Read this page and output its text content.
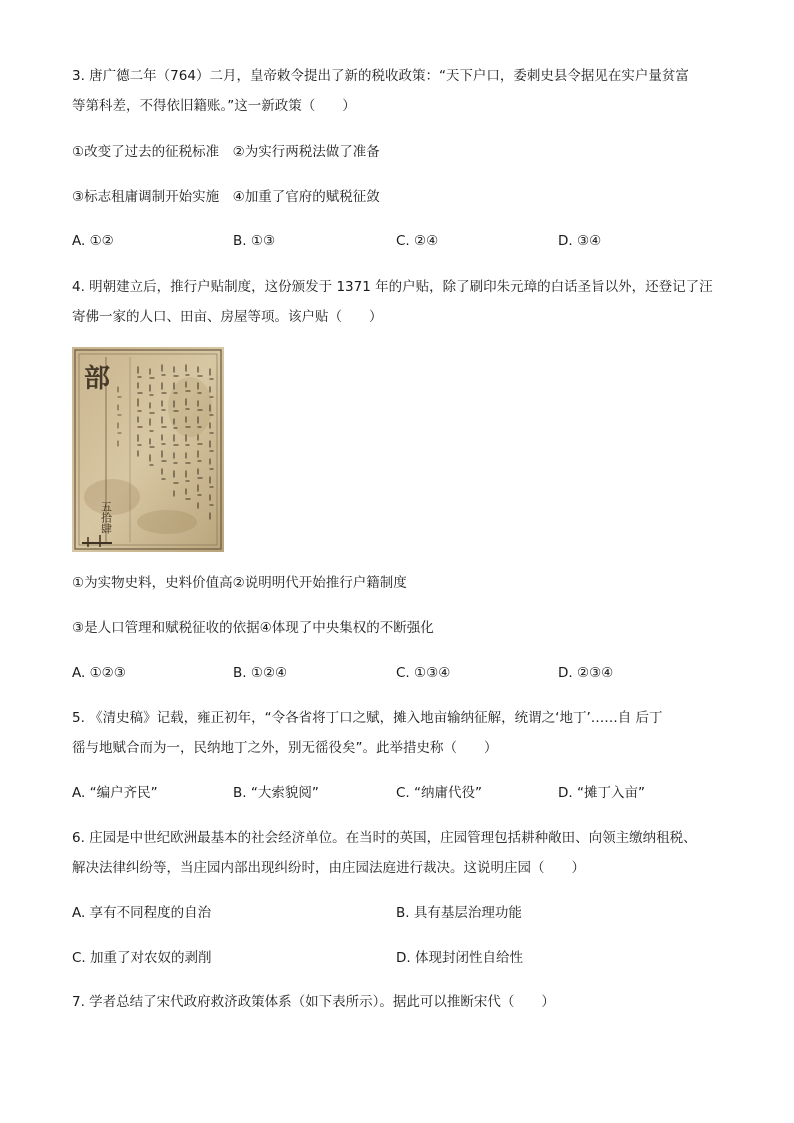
3. 唐广德二年（764）二月，皇帝敕令提出了新的税收政策：“天下户口，委刺史县令据见在实户量贫富
等第科差，不得依旧籍账。”这一新政策（　　）
①改变了过去的征税标准　②为实行两税法做了准备
③标志租庸调制开始实施　④加重了官府的赋税征敛
A. ①②	B. ①③	C. ②④	D. ③④
4. 明朝建立后，推行户贴制度，这份颁发于 1371 年的户贴，除了刷印朱元璋的白话圣旨以外，还登记了汪
寄佛一家的人口、田亩、房屋等项。该户贴（　　）
部
五拾肆
①为实物史料，史料价值高②说明明代开始推行户籍制度
③是人口管理和赋税征收的依据④体现了中央集权的不断强化
A. ①②③	B. ①②④	C. ①③④	D. ②③④
5. 《清史稿》记载，雍正初年，“令各省将丁口之赋，摊入地亩输纳征解，统谓之‘地丁’……自 后丁
徭与地赋合而为一，民纳地丁之外，别无徭役矣”。此举措史称（　　）
A. “编户齐民”	B. “大索貌阅”	C. “纳庸代役”	D. “摊丁入亩”
6. 庄园是中世纪欧洲最基本的社会经济单位。在当时的英国，庄园管理包括耕种敞田、向领主缴纳租税、
解决法律纠纷等，当庄园内部出现纠纷时，由庄园法庭进行裁决。这说明庄园（　　）
A. 享有不同程度的自治	B. 具有基层治理功能
C. 加重了对农奴的剥削	D. 体现封闭性自给性
7. 学者总结了宋代政府救济政策体系（如下表所示）。据此可以推断宋代（　　）
